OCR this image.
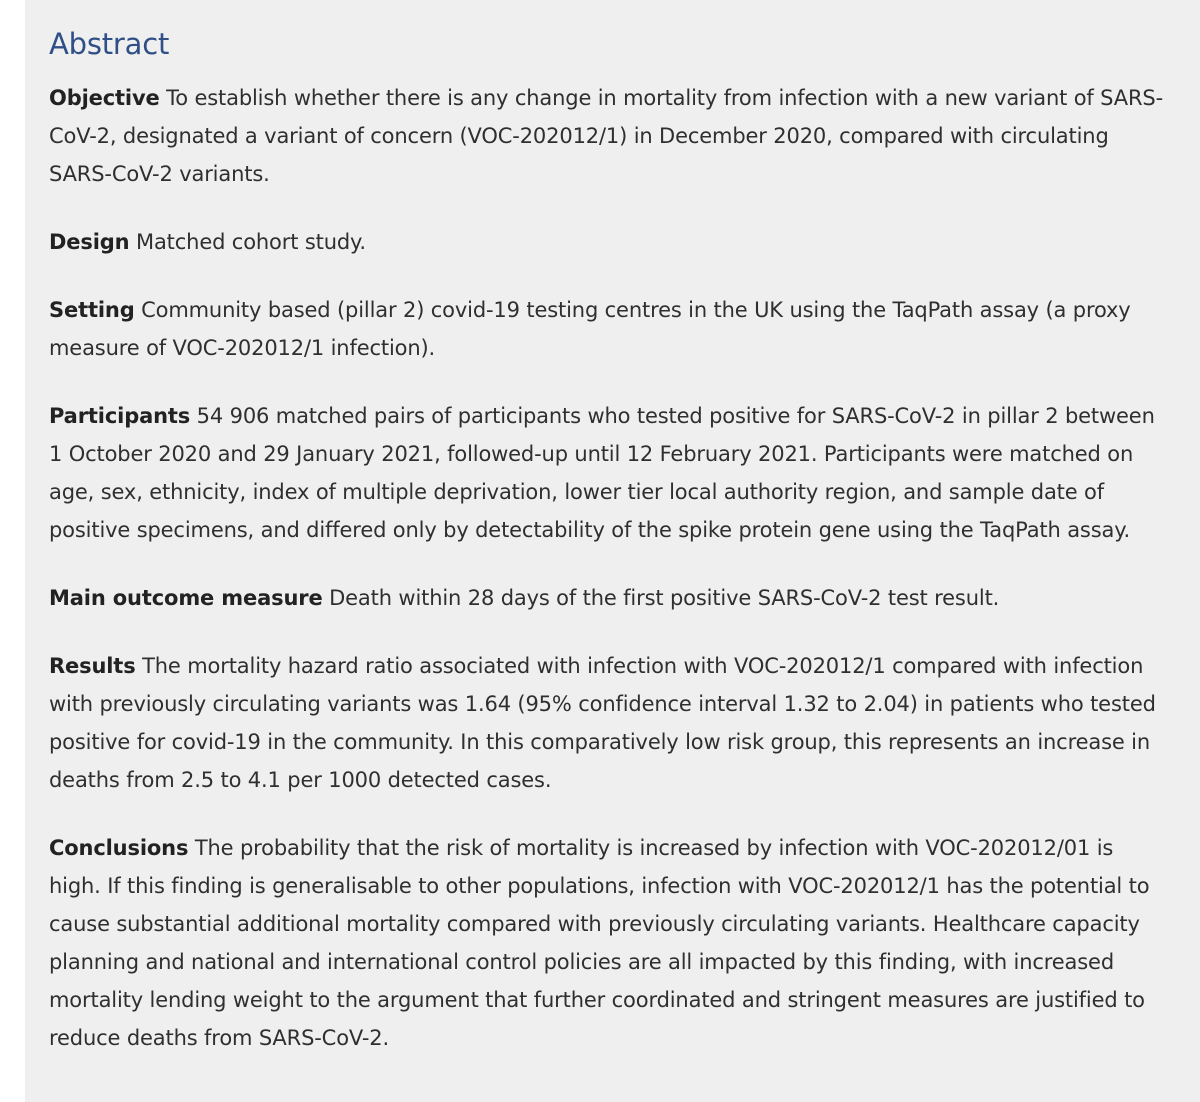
Abstract

Objective To establish whether there is any change in mortality from infection with a new variant of SARS-CoV-2, designated a variant of concern (VOC-202012/1) in December 2020, compared with circulating SARS-CoV-2 variants.

Design Matched cohort study.

Setting Community based (pillar 2) covid-19 testing centres in the UK using the TaqPath assay (a proxy measure of VOC-202012/1 infection).

Participants 54 906 matched pairs of participants who tested positive for SARS-CoV-2 in pillar 2 between 1 October 2020 and 29 January 2021, followed-up until 12 February 2021. Participants were matched on age, sex, ethnicity, index of multiple deprivation, lower tier local authority region, and sample date of positive specimens, and differed only by detectability of the spike protein gene using the TaqPath assay.

Main outcome measure Death within 28 days of the first positive SARS-CoV-2 test result.

Results The mortality hazard ratio associated with infection with VOC-202012/1 compared with infection with previously circulating variants was 1.64 (95% confidence interval 1.32 to 2.04) in patients who tested positive for covid-19 in the community. In this comparatively low risk group, this represents an increase in deaths from 2.5 to 4.1 per 1000 detected cases.

Conclusions The probability that the risk of mortality is increased by infection with VOC-202012/01 is high. If this finding is generalisable to other populations, infection with VOC-202012/1 has the potential to cause substantial additional mortality compared with previously circulating variants. Healthcare capacity planning and national and international control policies are all impacted by this finding, with increased mortality lending weight to the argument that further coordinated and stringent measures are justified to reduce deaths from SARS-CoV-2.
